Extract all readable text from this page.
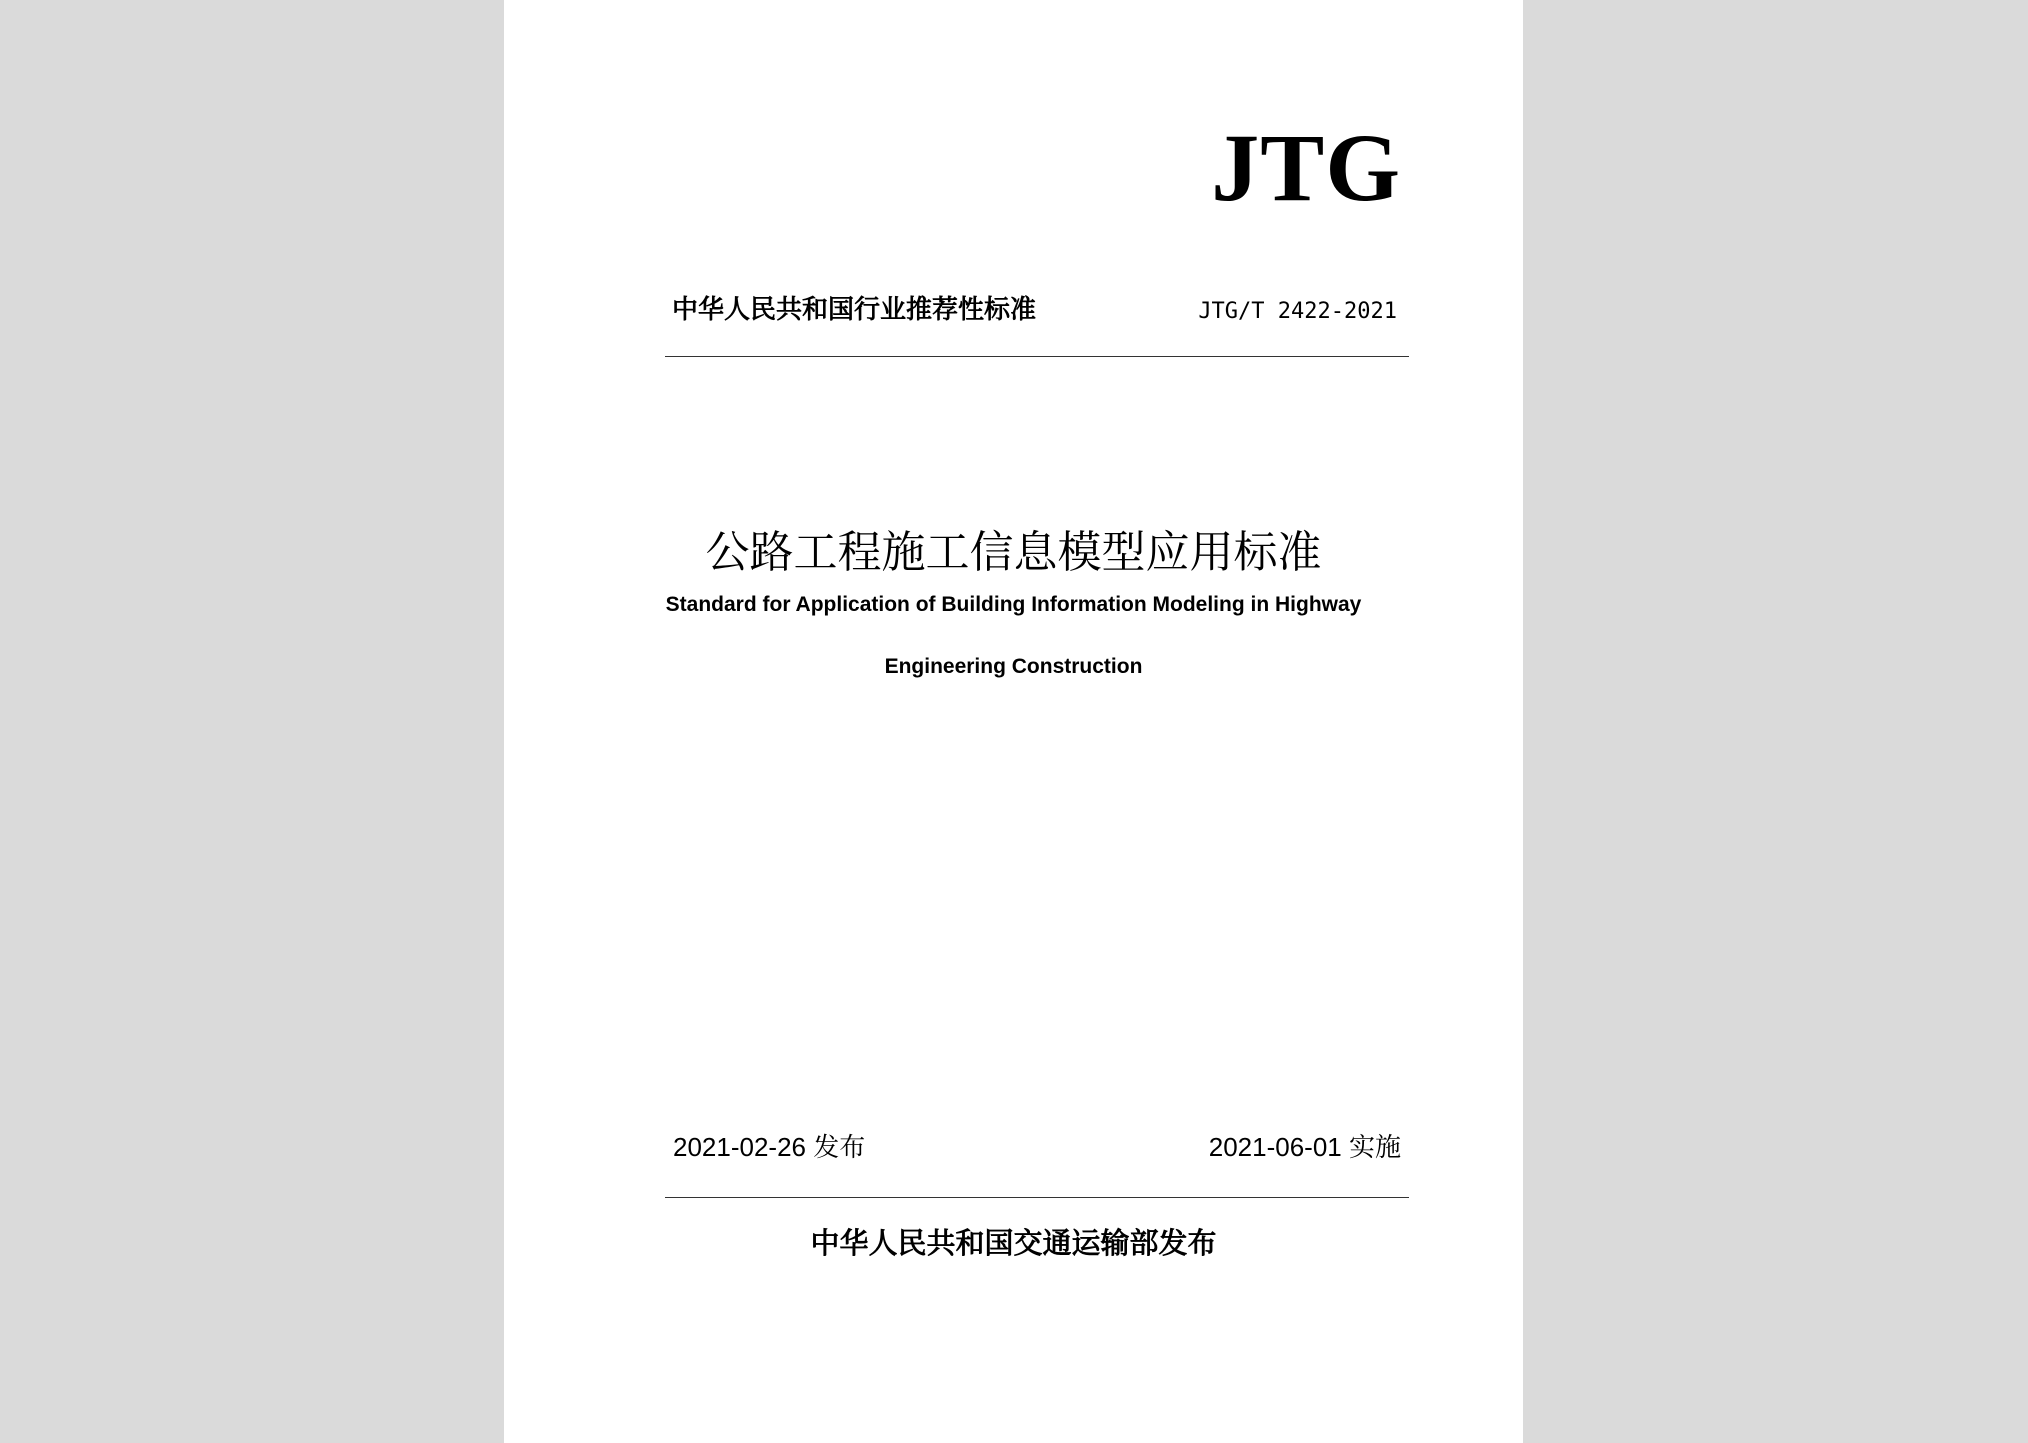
JTG
中华人民共和国行业推荐性标准	JTG/T 2422-2021
公路工程施工信息模型应用标准
Standard for Application of Building Information Modeling in Highway
Engineering Construction
2021-02-26 发布	2021-06-01 实施
中华人民共和国交通运输部发布
